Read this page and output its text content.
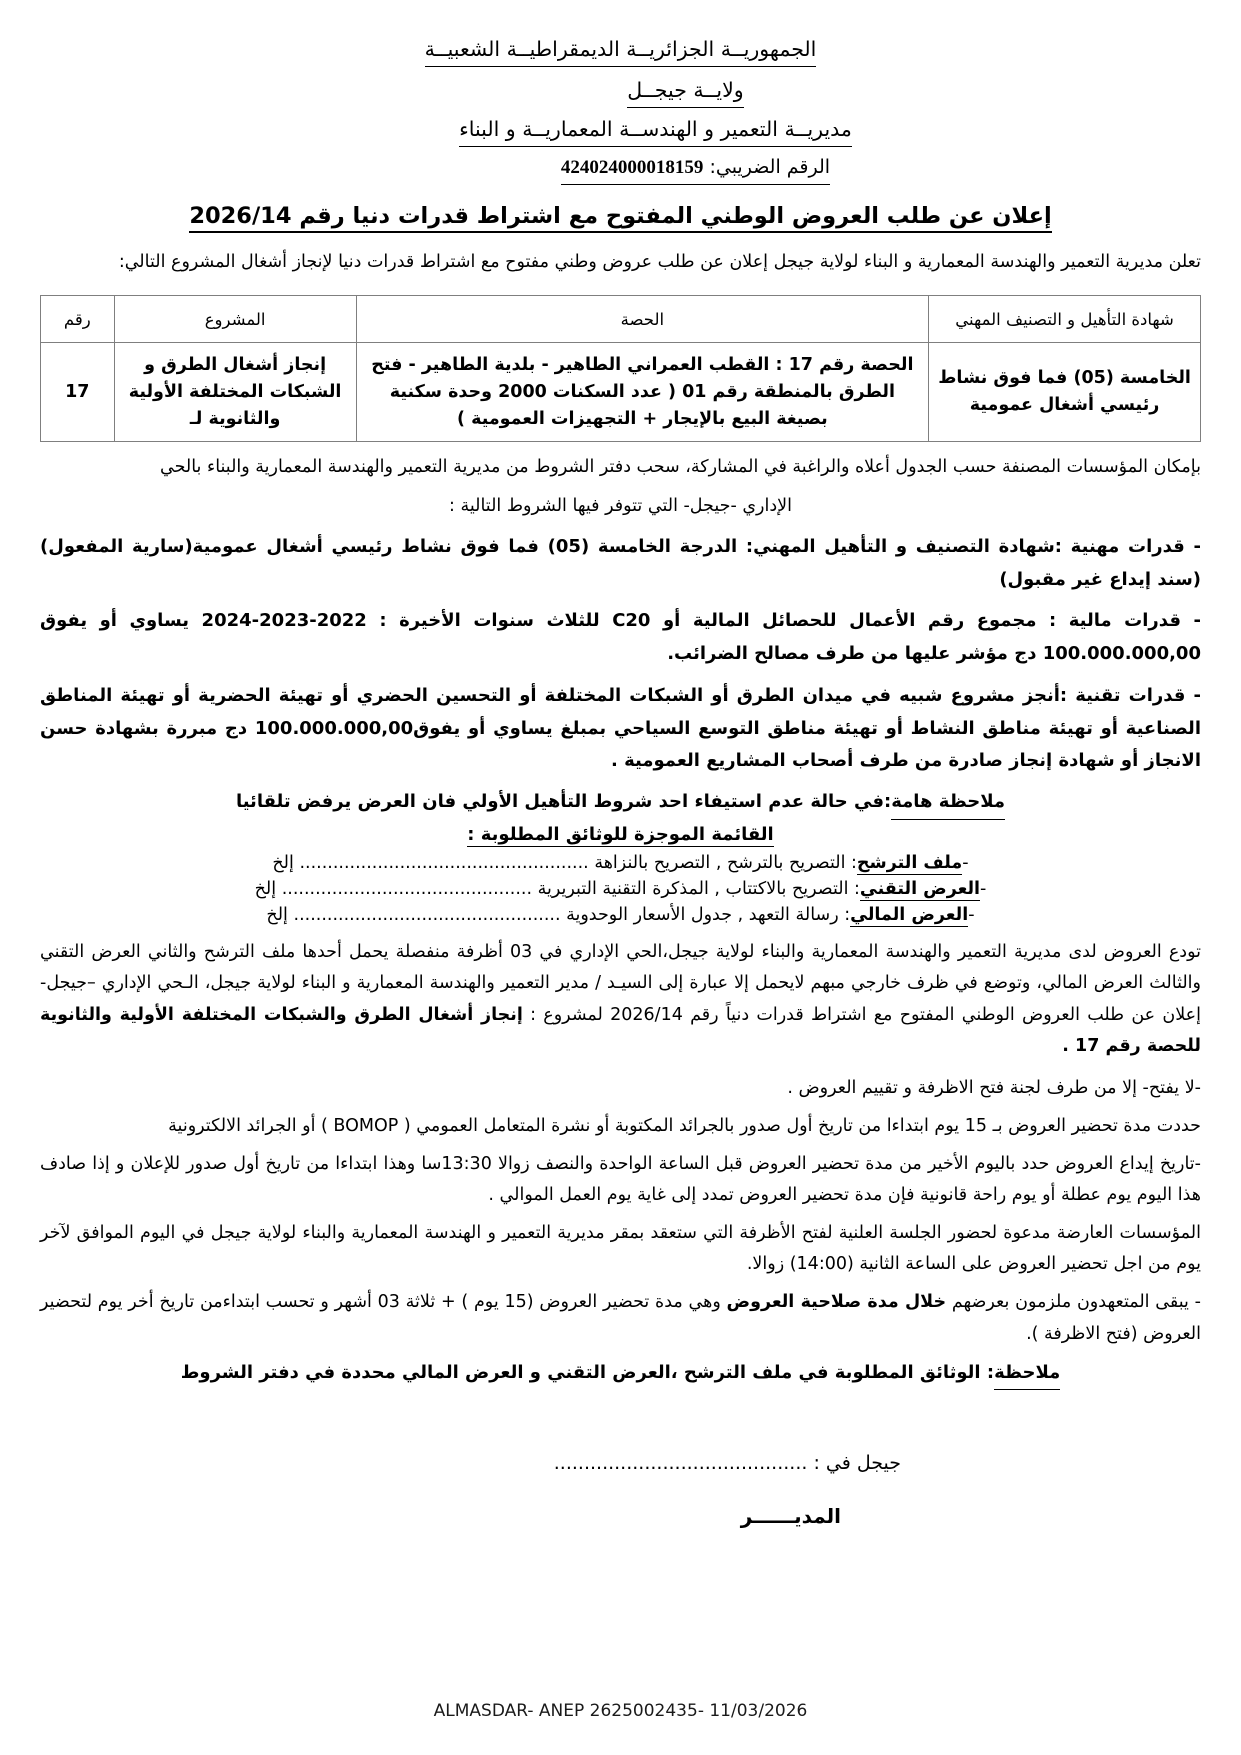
الجمهوريــة الجزائريــة الديمقراطيــة الشعبيــة
ولايــة جيجــل
مديريــة التعمير و الهندســة المعماريــة و البناء
الرقم الضريبي: 424024000018159
إعلان عن طلب العروض الوطني المفتوح مع اشتراط قدرات دنيا رقم 2026/14

تعلن مديرية التعمير والهندسة المعمارية و البناء لولاية جيجل إعلان عن طلب عروض وطني مفتوح مع اشتراط قدرات دنيا لإنجاز أشغال المشروع التالي:

شهادة التأهيل و التصنيف المهني	الحصة	المشروع	رقم
الخامسة (05) فما فوق نشاط رئيسي أشغال عمومية	الحصة رقم 17 : القطب العمراني الطاهير - بلدية الطاهير - فتح الطرق بالمنطقة رقم 01 ( عدد السكنات 2000 وحدة سكنية بصيغة البيع بالإيجار + التجهيزات العمومية )	إنجاز أشغال الطرق و الشبكات المختلفة الأولية والثانوية لـ	17

بإمكان المؤسسات المصنفة حسب الجدول أعلاه والراغبة في المشاركة، سحب دفتر الشروط من مديرية التعمير والهندسة المعمارية والبناء بالحي

الإداري -جيجل- التي تتوفر فيها الشروط التالية :

- قدرات مهنية :شهادة التصنيف و التأهيل المهني: الدرجة الخامسة (05) فما فوق نشاط رئيسي أشغال عمومية(سارية المفعول) (سند إيداع غير مقبول)

- قدرات مالية : مجموع رقم الأعمال للحصائل المالية أو C20 للثلاث سنوات الأخيرة : 2022-2023-2024 يساوي أو يفوق 100.000.000,00 دج مؤشر عليها من طرف مصالح الضرائب.

- قدرات تقنية :أنجز مشروع شبيه في ميدان الطرق أو الشبكات المختلفة أو التحسين الحضري أو تهيئة الحضرية أو تهيئة المناطق الصناعية أو تهيئة مناطق النشاط أو تهيئة مناطق التوسع السياحي بمبلغ يساوي أو يفوق100.000.000,00 دج مبررة بشهادة حسن الانجاز أو شهادة إنجاز صادرة من طرف أصحاب المشاريع العمومية .

ملاحظة هامة:في حالة عدم استيفاء احد شروط التأهيل الأولي فان العرض يرفض تلقائيا

القائمة الموجزة للوثائق المطلوبة :

-ملف الترشح: التصريح بالترشح , التصريح بالنزاهة .................................................... إلخ

-العرض التقني: التصريح بالاكتتاب , المذكرة التقنية التبريرية ............................................. إلخ

-العرض المالي: رسالة التعهد , جدول الأسعار الوحدوية ................................................ إلخ

تودع العروض لدى مديرية التعمير والهندسة المعمارية والبناء لولاية جيجل،الحي الإداري في 03 أظرفة منفصلة يحمل أحدها ملف الترشح والثاني العرض التقني والثالث العرض المالي، وتوضع في ظرف خارجي مبهم لايحمل إلا عبارة إلى السيـد / مدير التعمير والهندسة المعمارية و البناء لولاية جيجل، الـحي الإداري –جيجل- إعلان عن طلب العروض الوطني المفتوح مع اشتراط قدرات دنياً رقم 2026/14 لمشروع : إنجاز أشغال الطرق والشبكات المختلفة الأولية والثانوية للحصة رقم 17 .

-لا يفتح- إلا من طرف لجنة فتح الاظرفة و تقييم العروض .

حددت مدة تحضير العروض بـ 15 يوم ابتداءا من تاريخ أول صدور بالجرائد المكتوبة أو نشرة المتعامل العمومي ( BOMOP ) أو الجرائد الالكترونية

-تاريخ إيداع العروض حدد باليوم الأخير من مدة تحضير العروض قبل الساعة الواحدة والنصف زوالا 13:30سا وهذا ابتداءا من تاريخ أول صدور للإعلان و إذا صادف هذا اليوم يوم عطلة أو يوم راحة قانونية فإن مدة تحضير العروض تمدد إلى غاية يوم العمل الموالي .

المؤسسات العارضة مدعوة لحضور الجلسة العلنية لفتح الأظرفة التي ستعقد بمقر مديرية التعمير و الهندسة المعمارية والبناء لولاية جيجل في اليوم الموافق لآخر يوم من اجل تحضير العروض على الساعة الثانية (14:00) زوالا.

- يبقى المتعهدون ملزمون بعرضهم خلال مدة صلاحية العروض وهي مدة تحضير العروض (15 يوم ) + ثلاثة 03 أشهر و تحسب ابتداءمن تاريخ أخر يوم لتحضير العروض (فتح الاظرفة ).

ملاحظة: الوثائق المطلوبة في ملف الترشح ،العرض التقني و العرض المالي محددة في دفتر الشروط

جيجل في : ..........................................
المديــــــر
ALMASDAR- ANEP 2625002435- 11/03/2026
